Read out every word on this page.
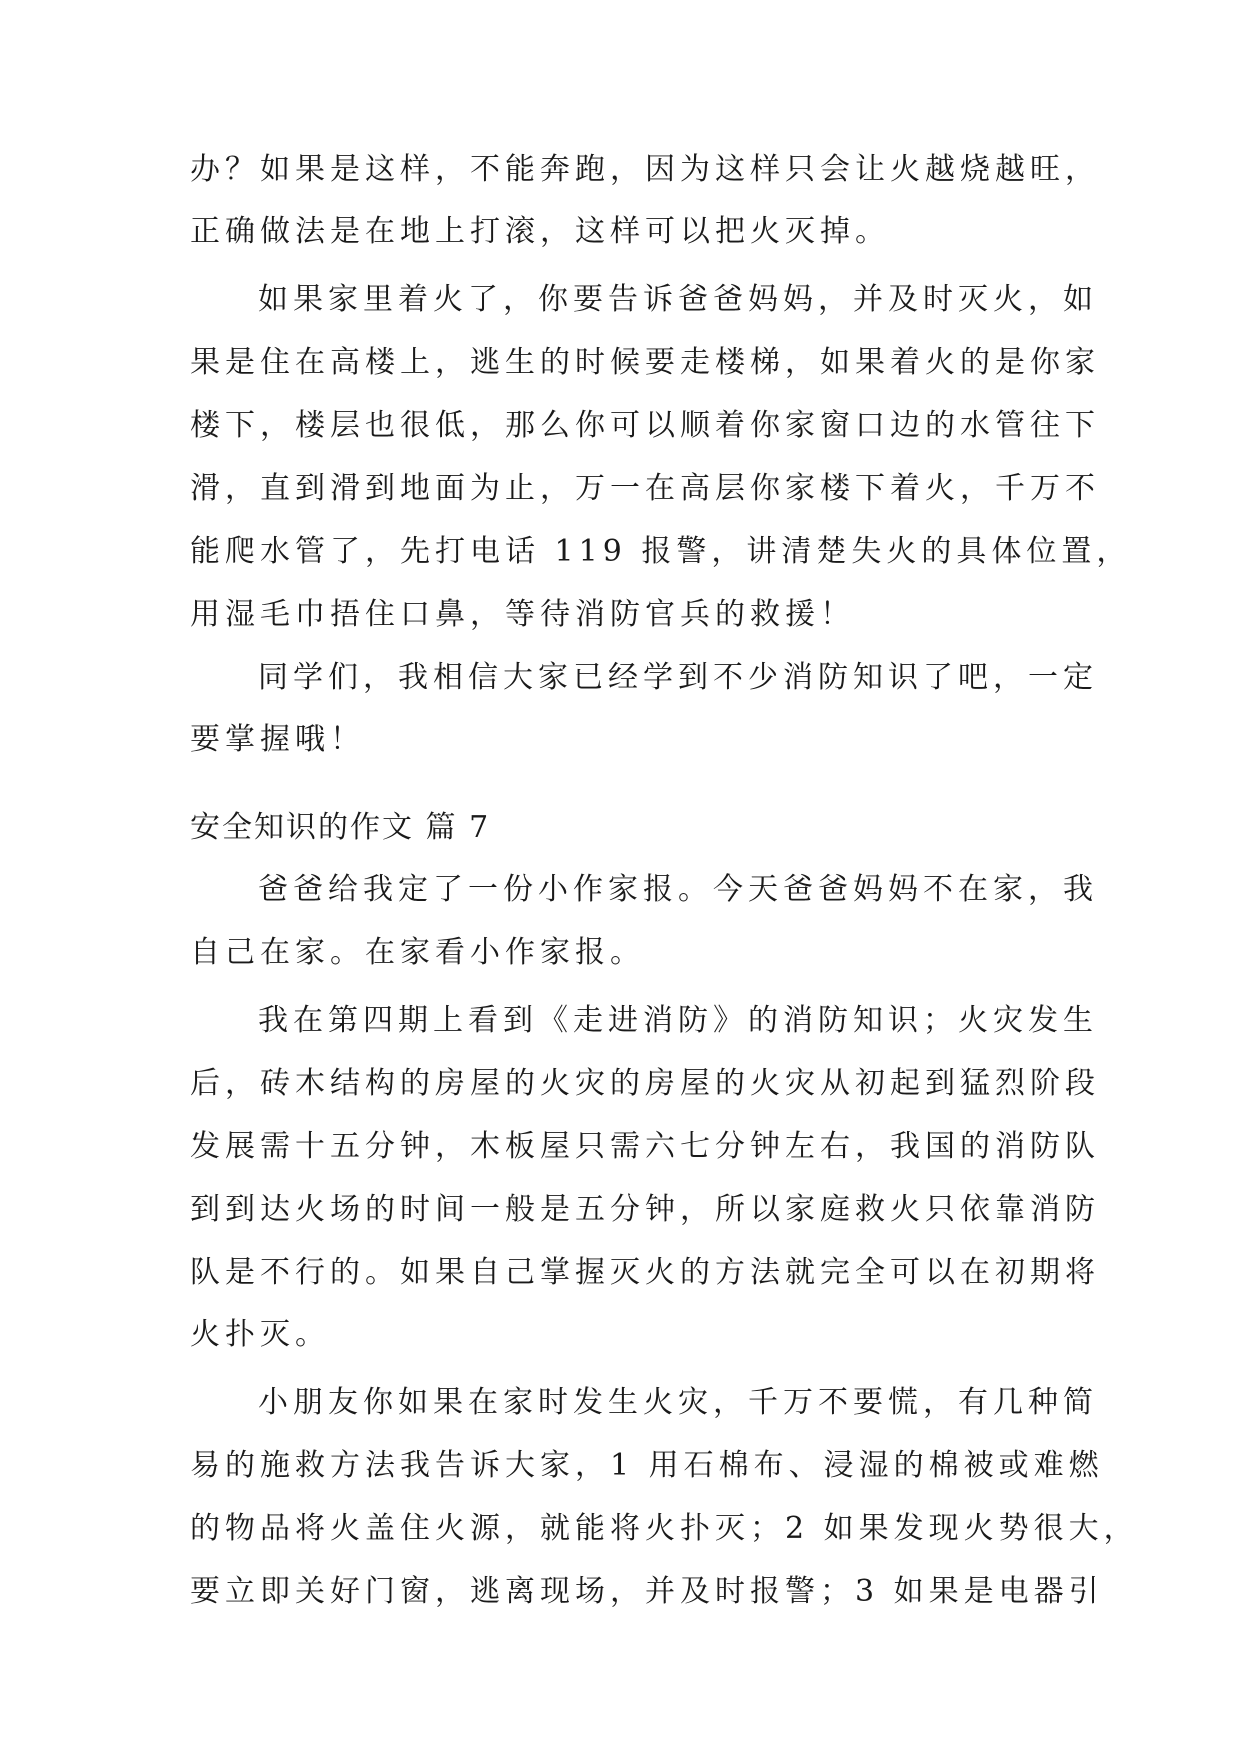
办？如果是这样，不能奔跑，因为这样只会让火越烧越旺，
正确做法是在地上打滚，这样可以把火灭掉。
如果家里着火了，你要告诉爸爸妈妈，并及时灭火，如
果是住在高楼上，逃生的时候要走楼梯，如果着火的是你家
楼下，楼层也很低，那么你可以顺着你家窗口边的水管往下
滑，直到滑到地面为止，万一在高层你家楼下着火，千万不
能爬水管了，先打电话 119 报警，讲清楚失火的具体位置，
用湿毛巾捂住口鼻，等待消防官兵的救援！
同学们，我相信大家已经学到不少消防知识了吧，一定
要掌握哦！
安全知识的作文 篇 7
爸爸给我定了一份小作家报。今天爸爸妈妈不在家，我
自己在家。在家看小作家报。
我在第四期上看到《走进消防》的消防知识；火灾发生
后，砖木结构的房屋的火灾的房屋的火灾从初起到猛烈阶段
发展需十五分钟，木板屋只需六七分钟左右，我国的消防队
到到达火场的时间一般是五分钟，所以家庭救火只依靠消防
队是不行的。如果自己掌握灭火的方法就完全可以在初期将
火扑灭。
小朋友你如果在家时发生火灾，千万不要慌，有几种简
易的施救方法我告诉大家，1 用石棉布、浸湿的棉被或难燃
的物品将火盖住火源，就能将火扑灭；2 如果发现火势很大，
要立即关好门窗，逃离现场，并及时报警；3 如果是电器引
